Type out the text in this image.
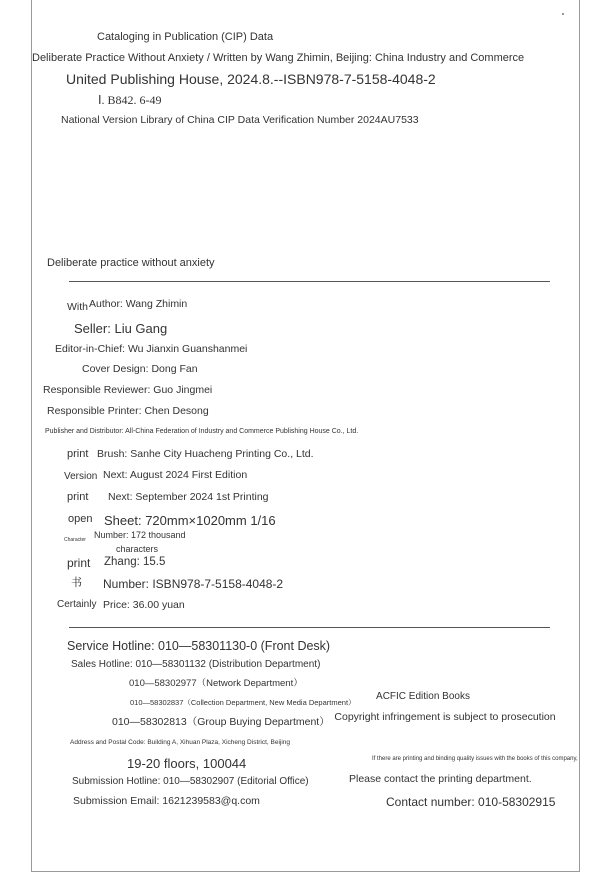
Cataloging in Publication (CIP) Data
Deliberate Practice Without Anxiety / Written by Wang Zhimin, Beijing: China Industry and Commerce
United Publishing House, 2024.8.--ISBN978-7-5158-4048-2
Ⅰ. B842. 6-49
National Version Library of China CIP Data Verification Number 2024AU7533
Deliberate practice without anxiety
With Author: Wang Zhimin
Seller: Liu Gang
Editor-in-Chief: Wu Jianxin Guanshanmei
Cover Design: Dong Fan
Responsible Reviewer: Guo Jingmei
Responsible Printer: Chen Desong
Publisher and Distributor: All-China Federation of Industry and Commerce Publishing House Co., Ltd.
print Brush: Sanhe City Huacheng Printing Co., Ltd.
Version Next: August 2024 First Edition
print Next: September 2024 1st Printing
open Sheet: 720mm×1020mm 1/16
Character Number: 172 thousand
characters
print Zhang: 15.5
书 Number: ISBN978-7-5158-4048-2
Certainly Price: 36.00 yuan
Service Hotline: 010—58301130-0 (Front Desk)
Sales Hotline: 010—58301132 (Distribution Department)
010—58302977（Network Department）
010—58302837（Collection Department, New Media Department）
010—58302813（Group Buying Department）
Address and Postal Code: Building A, Xihuan Plaza, Xicheng District, Beijing
19-20 floors, 100044
Submission Hotline: 010—58302907 (Editorial Office)
Submission Email: 1621239583@q.com
ACFIC Edition Books
Copyright infringement is subject to prosecution
If there are printing and binding quality issues with the books of this company,
Please contact the printing department.
Contact number: 010-58302915
